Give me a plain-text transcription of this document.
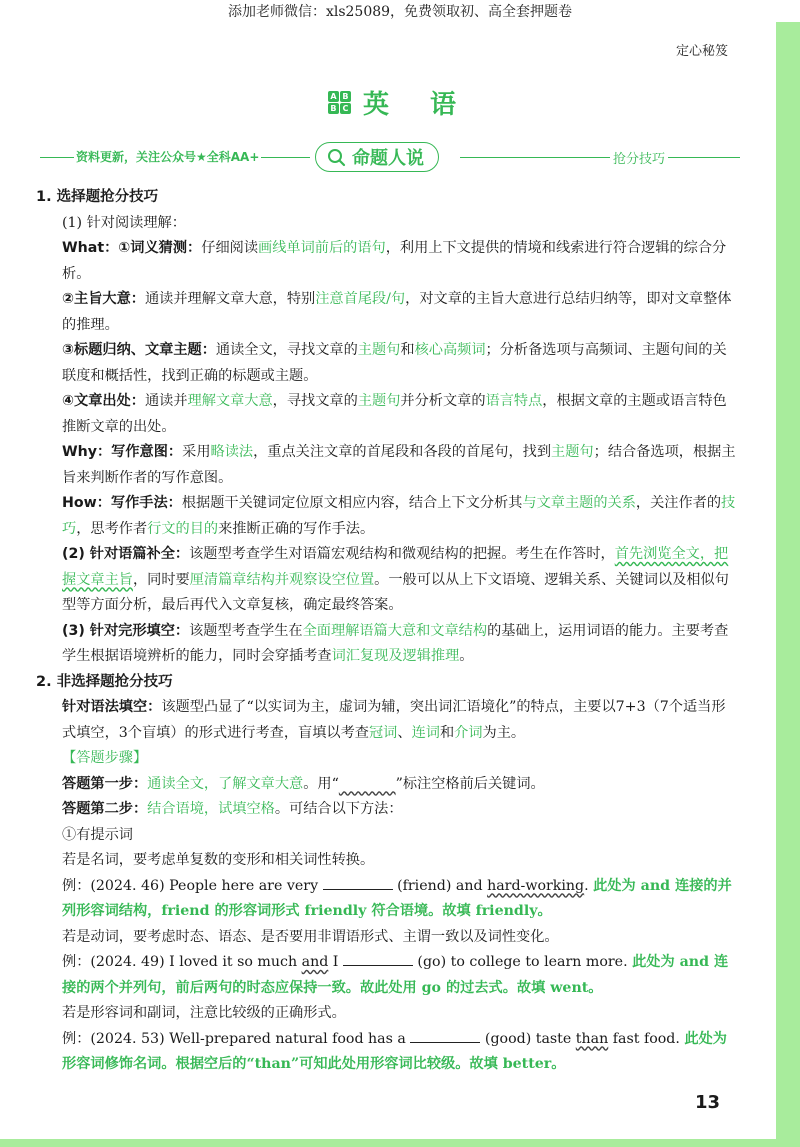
添加老师微信：xls25089，免费领取初、高全套押题卷
定心秘笈
A B
B C 英 语
资料更新，关注公众号★全科AA+	命题人说	抢分技巧

1. 选择题抢分技巧

(1) 针对阅读理解：

What：①词义猜测：仔细阅读画线单词前后的语句，利用上下文提供的情境和线索进行符合逻辑的综合分析。

②主旨大意：通读并理解文章大意，特别注意首尾段/句，对文章的主旨大意进行总结归纳等，即对文章整体的推理。

③标题归纳、文章主题：通读全文，寻找文章的主题句和核心高频词；分析备选项与高频词、主题句间的关联度和概括性，找到正确的标题或主题。

④文章出处：通读并理解文章大意，寻找文章的主题句并分析文章的语言特点，根据文章的主题或语言特色推断文章的出处。

Why：写作意图：采用略读法，重点关注文章的首尾段和各段的首尾句，找到主题句；结合备选项，根据主旨来判断作者的写作意图。

How：写作手法：根据题干关键词定位原文相应内容，结合上下文分析其与文章主题的关系，关注作者的技巧，思考作者行文的目的来推断正确的写作手法。

(2) 针对语篇补全：该题型考查学生对语篇宏观结构和微观结构的把握。考生在作答时，首先浏览全文，把握文章主旨，同时要厘清篇章结构并观察设空位置。一般可以从上下文语境、逻辑关系、关键词以及相似句型等方面分析，最后再代入文章复核，确定最终答案。

(3) 针对完形填空：该题型考查学生在全面理解语篇大意和文章结构的基础上，运用词语的能力。主要考查学生根据语境辨析的能力，同时会穿插考查词汇复现及逻辑推理。

2. 非选择题抢分技巧

针对语法填空：该题型凸显了“以实词为主，虚词为辅，突出词汇语境化”的特点，主要以7+3（7个适当形式填空，3个盲填）的形式进行考查，盲填以考查冠词、连词和介词为主。

【答题步骤】

答题第一步：通读全文，了解文章大意。用“    	”标注空格前后关键词。

答题第二步：结合语境，试填空格。可结合以下方法：

①有提示词

若是名词，要考虑单复数的变形和相关词性转换。

例：(2024. 46) People here are very	(friend) and hard-working. 此处为 and 连接的并列形容词结构，friend 的形容词形式 friendly 符合语境。故填 friendly。

若是动词，要考虑时态、语态、是否要用非谓语形式、主谓一致以及词性变化。

例：(2024. 49) I loved it so much and I	(go) to college to learn more. 此处为 and 连接的两个并列句，前后两句的时态应保持一致。故此处用 go 的过去式。故填 went。

若是形容词和副词，注意比较级的正确形式。

例：(2024. 53) Well-prepared natural food has a	(good) taste than fast food. 此处为形容词修饰名词。根据空后的“than”可知此处用形容词比较级。故填 better。

13
